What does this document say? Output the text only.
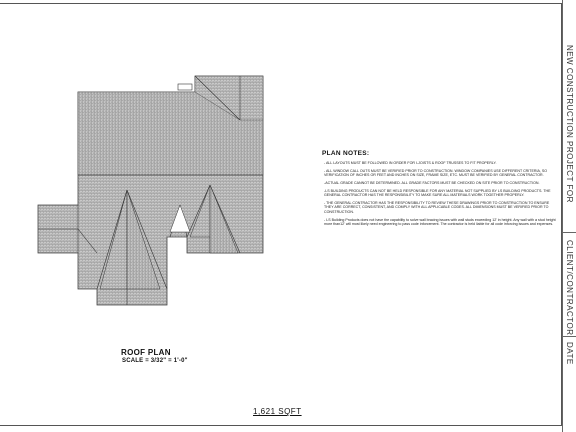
ROOF PLAN
SCALE = 3/32" = 1'-0"
1,621 SQFT
PLAN NOTES:
- ALL LAYOUTS MUST BE FOLLOWED IN ORDER FOR I-JOISTS & ROOF TRUSSES TO FIT PROPERLY.
- ALL WINDOW CALL OUTS MUST BE VERIFIED PRIOR TO CONSTRUCTION. WINDOW COMPANIES USE DIFFERENT CRITERIA, SO VERIFICATION OF INCHES OR FEET AND INCHES ON SIZE, FRAME SIZE, ETC. MUST BE VERIFIED BY GENERAL CONTRACTOR.
-ACTUAL GRADE CANNOT BE DETERMINED. ALL GRADE FACTORS MUST BE CHECKED ON SITE PRIOR TO CONSTRUCTION.
-LS BUILDING PRODUCTS CAN NOT BE HELD RESPONSIBLE FOR ANY MATERIAL NOT SUPPLIED BY LS BUILDING PRODUCTS. THE GENERAL CONTRACTOR HAS THE RESPONSIBILITY TO MAKE SURE ALL MATERIALS WORK TOGETHER PROPERLY.
- THE GENERAL CONTRACTOR HAS THE RESPONSIBILITY TO REVIEW THESE DRAWINGS PRIOR TO CONSTRUCTION TO ENSURE THEY ARE CORRECT, CONSISTENT, AND COMPLY WITH ALL APPLICABLE CODES. ALL DIMENSIONS MUST BE VERIFIED PRIOR TO CONSTRUCTION.
- LS Building Products does not have the capability to solve wall bracing issues with wall studs exceeding 12' in height. Any wall with a stud height more than12' will most likely need engineering to pass code inforcement. The contractor is held liable for all code inforcing issues and expenses.
NEW CONSTRUCTION PROJECT FOR
CLIENT/CONTRACTOR
DATE
